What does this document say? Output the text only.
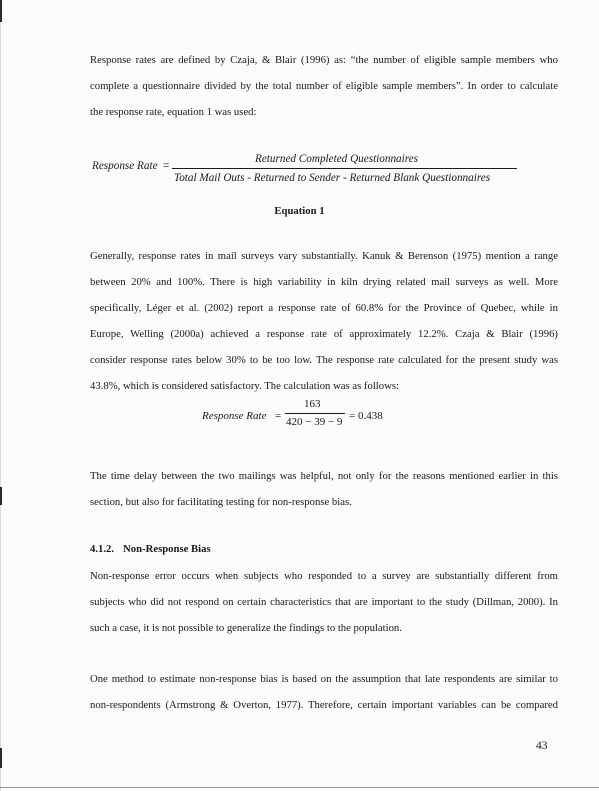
Response rates are defined by Czaja, & Blair (1996) as: “the number of eligible sample members who
complete a questionnaire divided by the total number of eligible sample members”. In order to calculate
the response rate, equation 1 was used:
Response Rate =
Returned Completed Questionnaires
Total Mail Outs - Returned to Sender - Returned Blank Questionnaires
Equation 1
Generally, response rates in mail surveys vary substantially. Kanuk & Berenson (1975) mention a range
between 20% and 100%. There is high variability in kiln drying related mail surveys as well. More
specifically, Léger et al. (2002) report a response rate of 60.8% for the Province of Quebec, while in
Europe, Welling (2000a) achieved a response rate of approximately 12.2%. Czaja & Blair (1996)
consider response rates below 30% to be too low. The response rate calculated for the present study was
43.8%, which is considered satisfactory. The calculation was as follows:
Response Rate =
163
420 − 39 − 9 = 0.438
The time delay between the two mailings was helpful, not only for the reasons mentioned earlier in this
section, but also for facilitating testing for non-response bias.
4.1.2. Non-Response Bias
Non-response error occurs when subjects who responded to a survey are substantially different from
subjects who did not respond on certain characteristics that are important to the study (Dillman, 2000). In
such a case, it is not possible to generalize the findings to the population.
One method to estimate non-response bias is based on the assumption that late respondents are similar to
non-respondents (Armstrong & Overton, 1977). Therefore, certain important variables can be compared
43
